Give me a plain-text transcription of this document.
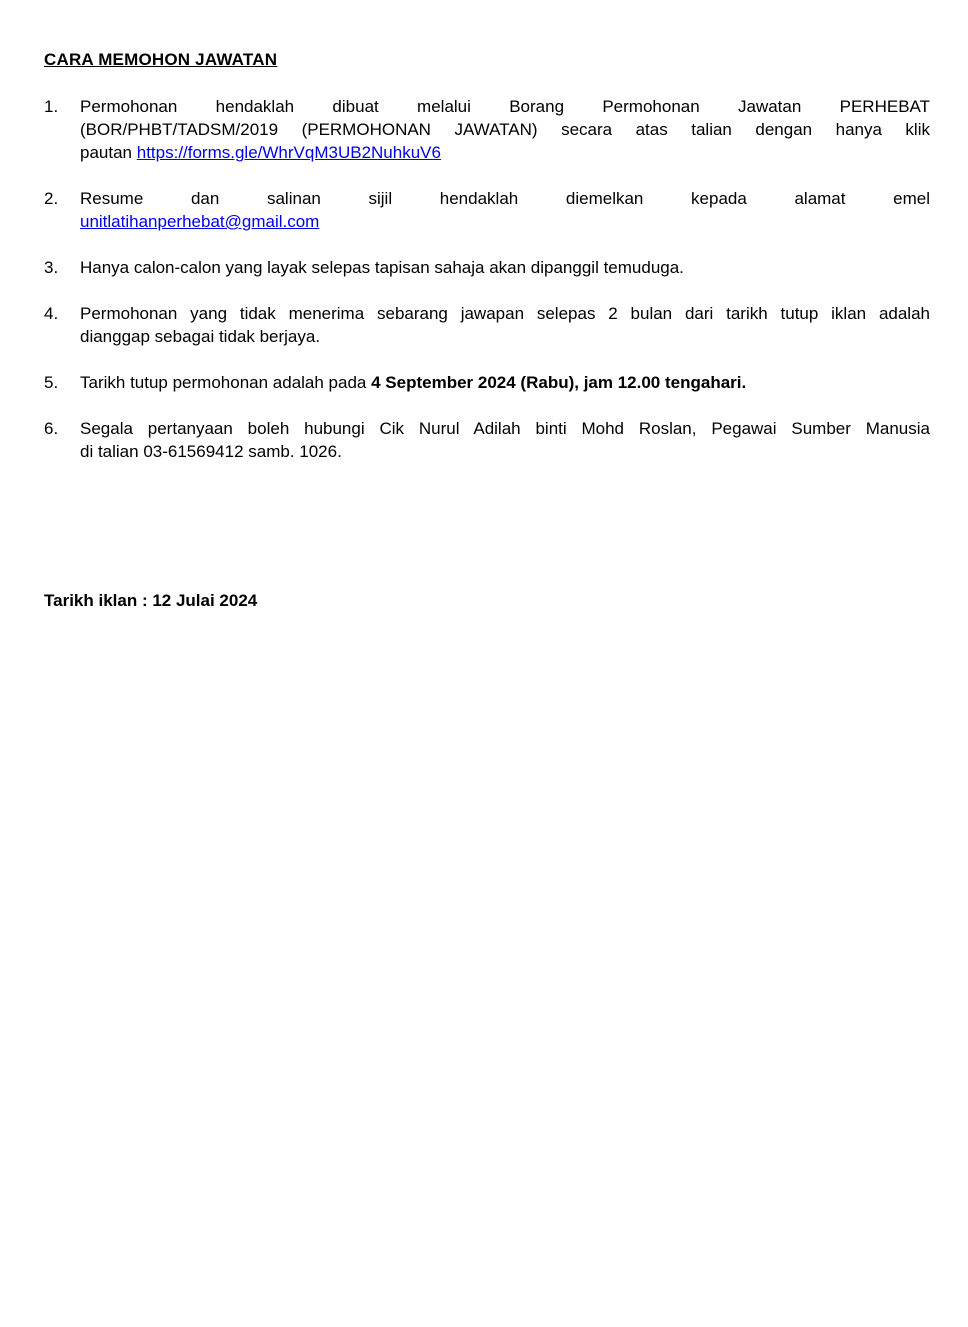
CARA MEMOHON JAWATAN
1.	Permohonan hendaklah dibuat melalui Borang Permohonan Jawatan PERHEBAT
(BOR/PHBT/TADSM/2019 (PERMOHONAN JAWATAN) secara atas talian dengan hanya klik
pautan https://forms.gle/WhrVqM3UB2NuhkuV6
2.	Resume dan salinan sijil hendaklah diemelkan kepada alamat emel
unitlatihanperhebat@gmail.com
3.	Hanya calon-calon yang layak selepas tapisan sahaja akan dipanggil temuduga.
4.	Permohonan yang tidak menerima sebarang jawapan selepas 2 bulan dari tarikh tutup iklan adalah
dianggap sebagai tidak berjaya.
5.	Tarikh tutup permohonan adalah pada 4 September 2024 (Rabu), jam 12.00 tengahari.
6.	Segala pertanyaan boleh hubungi Cik Nurul Adilah binti Mohd Roslan, Pegawai Sumber Manusia
di talian 03-61569412 samb. 1026.

Tarikh iklan : 12 Julai 2024
